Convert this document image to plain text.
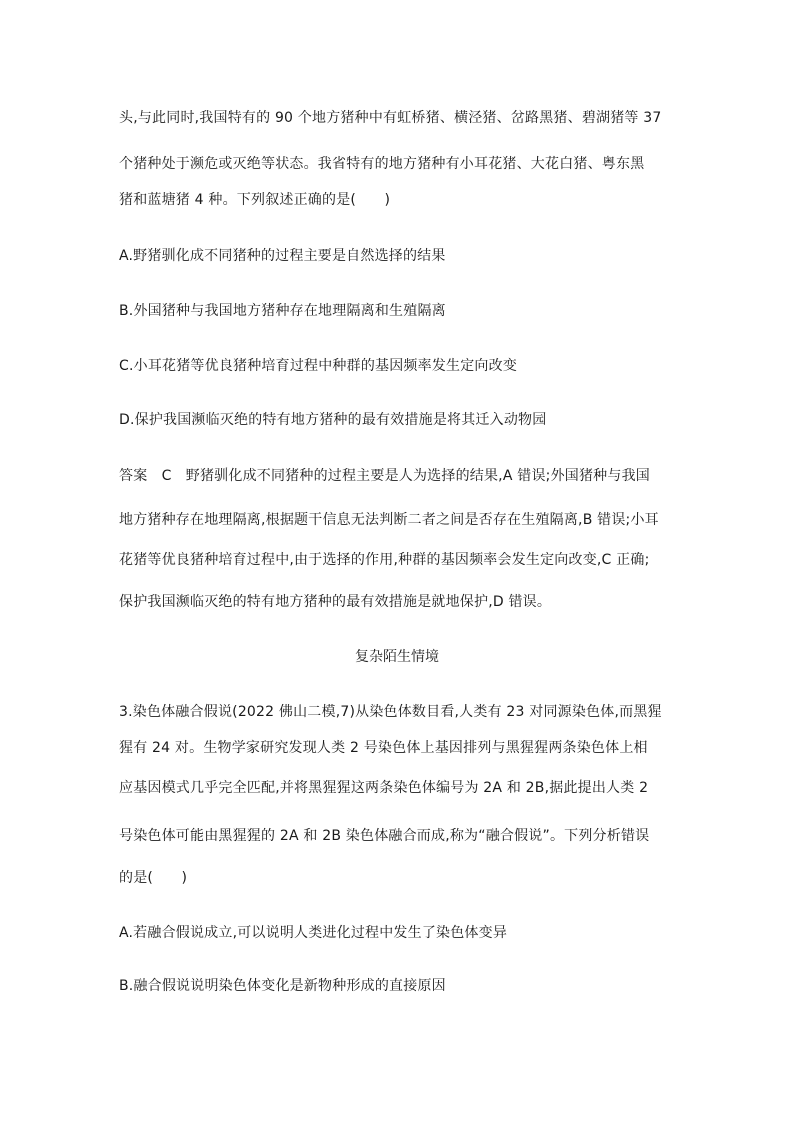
头,与此同时,我国特有的 90 个地方猪种中有虹桥猪、横泾猪、岔路黑猪、碧湖猪等 37
个猪种处于濒危或灭绝等状态。我省特有的地方猪种有小耳花猪、大花白猪、粤东黑
猪和蓝塘猪 4 种。下列叙述正确的是(　　)
A.野猪驯化成不同猪种的过程主要是自然选择的结果
B.外国猪种与我国地方猪种存在地理隔离和生殖隔离
C.小耳花猪等优良猪种培育过程中种群的基因频率发生定向改变
D.保护我国濒临灭绝的特有地方猪种的最有效措施是将其迁入动物园
答案　C　野猪驯化成不同猪种的过程主要是人为选择的结果,A 错误;外国猪种与我国
地方猪种存在地理隔离,根据题干信息无法判断二者之间是否存在生殖隔离,B 错误;小耳
花猪等优良猪种培育过程中,由于选择的作用,种群的基因频率会发生定向改变,C 正确;
保护我国濒临灭绝的特有地方猪种的最有效措施是就地保护,D 错误。
复杂陌生情境
3.染色体融合假说(2022 佛山二模,7)从染色体数目看,人类有 23 对同源染色体,而黑猩
猩有 24 对。生物学家研究发现人类 2 号染色体上基因排列与黑猩猩两条染色体上相
应基因模式几乎完全匹配,并将黑猩猩这两条染色体编号为 2A 和 2B,据此提出人类 2
号染色体可能由黑猩猩的 2A 和 2B 染色体融合而成,称为“融合假说”。下列分析错误
的是(　　)
A.若融合假说成立,可以说明人类进化过程中发生了染色体变异
B.融合假说说明染色体变化是新物种形成的直接原因
